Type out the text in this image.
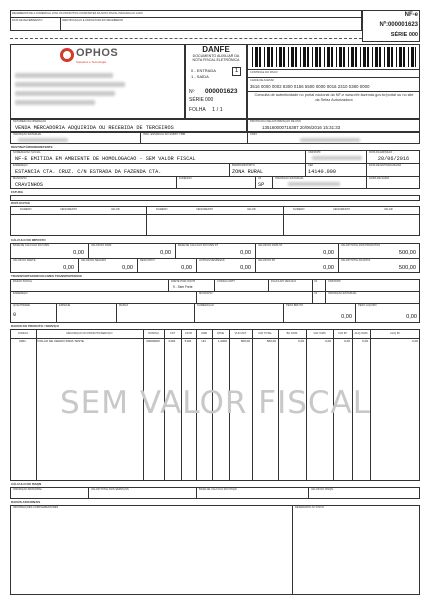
RECEBEMOS DE A COMERCIAL LTDA OS PRODUTOS CONSTANTES DA NOTA FISCAL INDICADA AO LADO
DATA DE RECEBIMENTO	IDENTIFICAÇÃO E ASSINATURA DO RECEBEDOR
NF-e
Nº:000001623
SÉRIE 000
OPHOS
Soluções e Tecnologia
DANFE
DOCUMENTO AUXILIAR DA NOTA FISCAL ELETRÔNICA
0 - ENTRADA
1 - SAÍDA
1
Nº 000001623
SÉRIE 000
FOLHA 1 / 1
CONTROLE DO FISCO
CHAVE DE ACESSO
3516 0000 0002 8300 0156 5500 0000 0016 2310 0380 0000
Consulta de autenticidade no portal nacional da NF-e www.nfe.fazenda.gov.br/portal ou no site da Sefaz Autorizadora
NATUREZA DA OPERAÇÃO
VENDA MERCADORIA ADQUIRIDA OU RECEBIDA DE TERCEIROS
PROTOCOLO DE AUTORIZAÇÃO DE USO
135160000716387 20/06/2016 15:31:33
INSCRIÇÃO ESTADUAL	INSC. ESTADUAL DO SUBST. TRIB.	CNPJ
DESTINATÁRIO/REMETENTE
NOME/RAZÃO SOCIAL
NF-E EMITIDA EM AMBIENTE DE HOMOLOGACAO - SEM VALOR FISCAL
CNPJ/CPF	DATA DA EMISSÃO
20/06/2016
ENDEREÇO
ESTANCIA CTA. CRUZ. C/N ESTRADA DA FAZENDA CTA.
BAIRRO/DISTRITO
ZONA RURAL
CEP
14140.000
DATA DE ENTRADA/SAÍDA
MUNICÍPIO
CRAVINHOS
FONE/FAX	UF
SP
INSCRIÇÃO ESTADUAL	HORA DE SAÍDA
FATURA
DUPLICATAS
NÚMERO	VENCIMENTO	VALOR	NÚMERO	VENCIMENTO	VALOR	NÚMERO	VENCIMENTO	VALOR
CÁLCULO DO IMPOSTO
BASE DE CÁLCULO DO ICMS
0,00
VALOR DO ICMS
0,00
BASE DE CÁLCULO DO ICMS ST
0,00
VALOR DO ICMS ST
0,00
VALOR TOTAL DOS PRODUTOS
500,00
VALOR DO FRETE
0,00
VALOR DO SEGURO
0,00
DESCONTO
0,00
OUTRAS DESPESAS
0,00
VALOR DO IPI
0,00
VALOR TOTAL DA NOTA
500,00
TRANSPORTADOR/VOLUMES TRANSPORTADOS
RAZÃO SOCIAL	FRETE POR CONTA
9 - Sem Frete
CÓDIGO ANTT	PLACA DO VEÍCULO	UF	CNPJ/CPF
ENDEREÇO	MUNICÍPIO	UF	INSCRIÇÃO ESTADUAL
QUANTIDADE
0
ESPÉCIE	MARCA	NUMERAÇÃO	PESO BRUTO
0,00
PESO LÍQUIDO
0,00
DADOS DO PRODUTO / SERVIÇO
CÓDIGO	DESCRIÇÃO DO PRODUTO/SERVIÇO	NCM/SH	CST	CFOP	UNID	QTDE	VLR UNIT	VLR TOTAL	BC ICMS	VLR ICMS	VLR IPI	ALÍQ ICMS	ALÍQ IPI
0001	VIOLAO DE CEDRO PARA TESTE	00000000	0102	5102	UN	1,0000	500,00	500,00	0,00	0,00	0,00	0,00	0,00
SEM VALOR FISCAL
CÁLCULO DO ISSQN
INSCRIÇÃO MUNICIPAL	VALOR TOTAL DOS SERVIÇOS	BASE DE CÁLCULO DO ISSQN	VALOR DO ISSQN
DADOS ADICIONAIS
INFORMAÇÕES COMPLEMENTARES	RESERVADO AO FISCO
